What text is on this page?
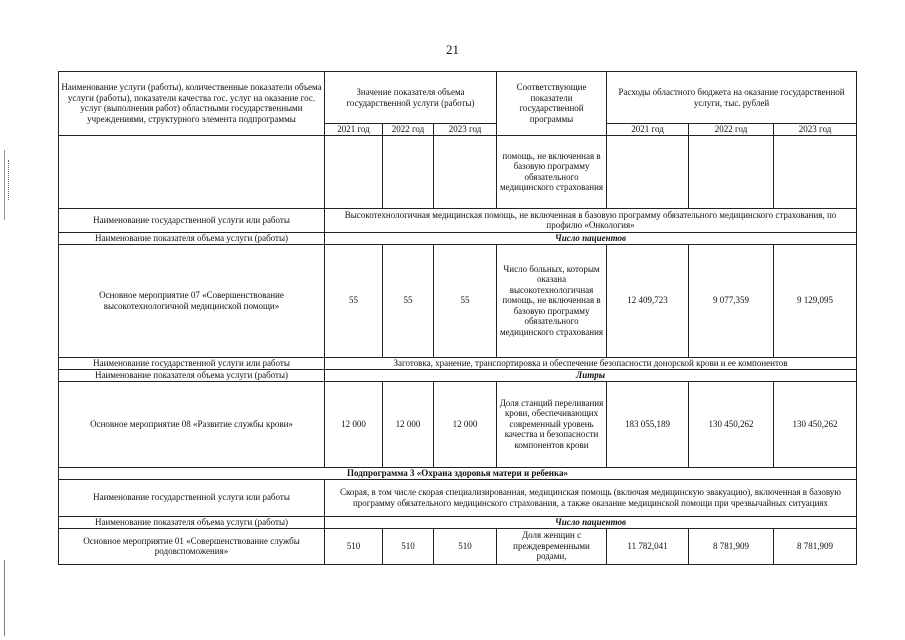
21
Наименование услуги (работы), количественные показатели объема услуги (работы), показатели качества гос. услуг на оказание гос. услуг (выполнения работ) областными государственными учреждениями, структурного элемента подпрограммы	Значение показателя объема государственной услуги (работы)			Соответствующие показатели государственной программы	Расходы областного бюджета на оказание государственной услуги, тыс. рублей		
	2021 год	2022 год	2023 год		2021 год	2022 год	2023 год
				помощь, не включенная в базовую программу обязательного медицинского страхования			
Наименование государственной услуги или работы	Высокотехнологичная медицинская помощь, не включенная в базовую программу обязательного медицинского страхования, по профилю «Онкология»						
Наименование показателя объема услуги (работы)	Число пациентов						
Основное мероприятие 07 «Совершенствование высокотехнологичной медицинской помощи»	55	55	55	Число больных, которым оказана высокотехнологичная помощь, не включенная в базовую программу обязательного медицинского страхования	12 409,723	9 077,359	9 129,095
Наименование государственной услуги или работы	Заготовка, хранение, транспортировка и обеспечение безопасности донорской крови и ее компонентов						
Наименование показателя объема услуги (работы)	Литры						
Основное мероприятие 08 «Развитие службы крови»	12 000	12 000	12 000	Доля станций переливания крови, обеспечивающих современный уровень качества и безопасности компонентов крови	183 055,189	130 450,262	130 450,262
Подпрограмма 3 «Охрана здоровья матери и ребенка»							
Наименование государственной услуги или работы	Скорая, в том числе скорая специализированная, медицинская помощь (включая медицинскую эвакуацию), включенная в базовую программу обязательного медицинского страхования, а также оказание медицинской помощи при чрезвычайных ситуациях						
Наименование показателя объема услуги (работы)	Число пациентов						
Основное мероприятие 01 «Совершенствование службы родовспоможения»	510	510	510	Доля женщин с преждевременными родами,	11 782,041	8 781,909	8 781,909
